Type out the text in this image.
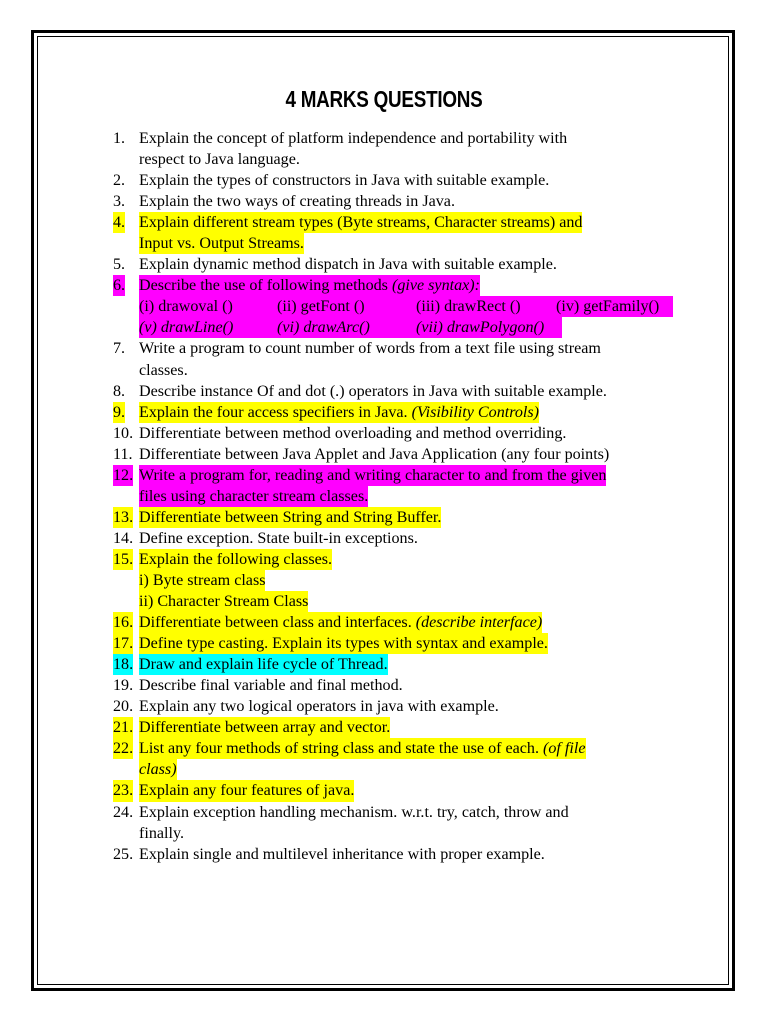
4 MARKS QUESTIONS
1. Explain the concept of platform independence and portability with
respect to Java language.
2. Explain the types of constructors in Java with suitable example.
3. Explain the two ways of creating threads in Java.
4. Explain different stream types (Byte streams, Character streams) and
Input vs. Output Streams.
5. Explain dynamic method dispatch in Java with suitable example.
6. Describe the use of following methods (give syntax):
(i) drawoval ()	(ii) getFont ()	(iii) drawRect () (iv) getFamily()
(v) drawLine()	(vi) drawArc()	(vii) drawPolygon()
7. Write a program to count number of words from a text file using stream
classes.
8. Describe instance Of and dot (.) operators in Java with suitable example.
9. Explain the four access specifiers in Java. (Visibility Controls)
10. Differentiate between method overloading and method overriding.
11. Differentiate between Java Applet and Java Application (any four points)
12. Write a program for, reading and writing character to and from the given
files using character stream classes.
13. Differentiate between String and String Buffer.
14. Define exception. State built-in exceptions.
15. Explain the following classes.
i) Byte stream class
ii) Character Stream Class
16. Differentiate between class and interfaces. (describe interface)
17. Define type casting. Explain its types with syntax and example.
18. Draw and explain life cycle of Thread.
19. Describe final variable and final method.
20. Explain any two logical operators in java with example.
21. Differentiate between array and vector.
22. List any four methods of string class and state the use of each. (of file
class)
23. Explain any four features of java.
24. Explain exception handling mechanism. w.r.t. try, catch, throw and
finally.
25. Explain single and multilevel inheritance with proper example.
